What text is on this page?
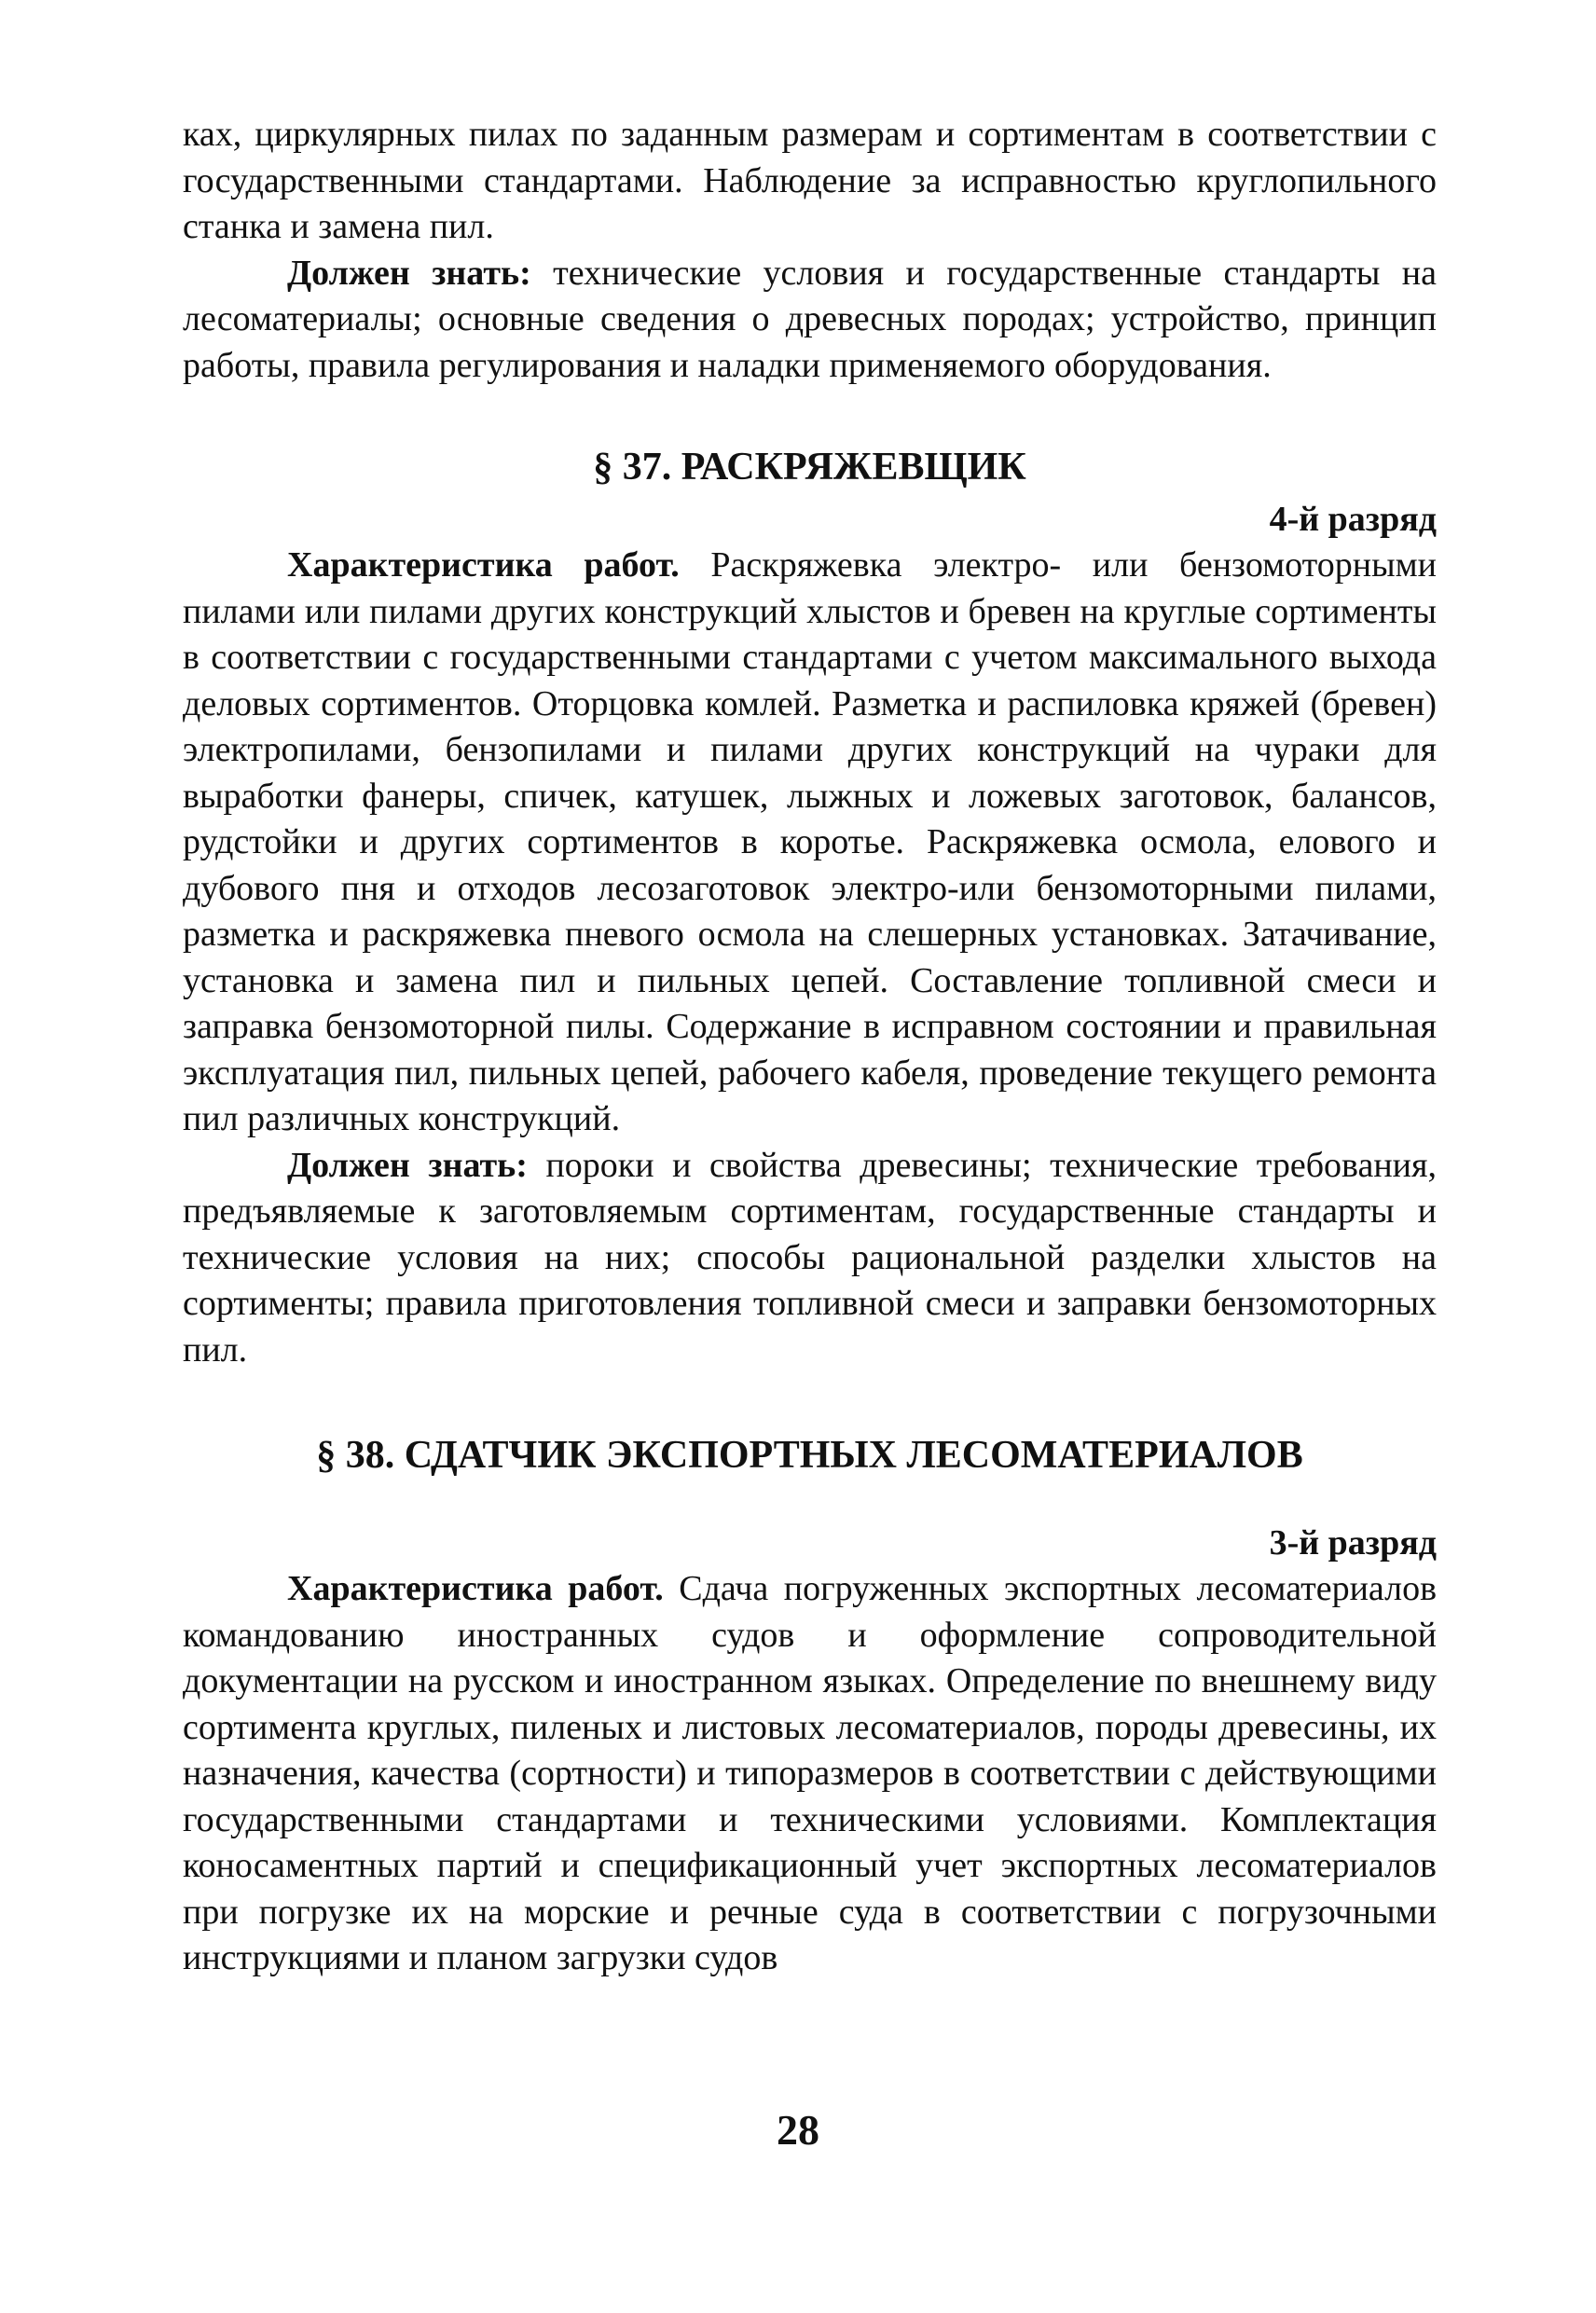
ках, циркулярных пилах по заданным размерам и сортиментам в соответствии с государственными стандартами. Наблюдение за исправностью круглопильного станка и замена пил.

Должен знать: технические условия и государственные стандарты на лесоматериалы; основные сведения о древесных породах; устройство, принцип работы, правила регулирования и наладки применяемого оборудования.

§ 37. РАСКРЯЖЕВЩИК

4-й разряд

Характеристика работ. Раскряжевка электро- или бензомоторными пилами или пилами других конструкций хлыстов и бревен на круглые сортименты в соответствии с государственными стандартами с учетом максимального выхода деловых сортиментов. Оторцовка комлей. Разметка и распиловка кряжей (бревен) электропилами, бензопилами и пилами других конструкций на чураки для выработки фанеры, спичек, катушек, лыжных и ложевых заготовок, балансов, рудстойки и других сортиментов в коротье. Раскряжевка осмола, елового и дубового пня и отходов лесозаготовок электро-или бензомоторными пилами, разметка и раскряжевка пневого осмола на слешерных установках. Затачивание, установка и замена пил и пильных цепей. Составление топливной смеси и заправка бензомоторной пилы. Содержание в исправном состоянии и правильная эксплуатация пил, пильных цепей, рабочего кабеля, проведение текущего ремонта пил различных конструкций.

Должен знать: пороки и свойства древесины; технические требования, предъявляемые к заготовляемым сортиментам, государственные стандарты и технические условия на них; способы рациональной разделки хлыстов на сортименты; правила приготовления топливной смеси и заправки бензомоторных пил.

§ 38. СДАТЧИК ЭКСПОРТНЫХ ЛЕСОМАТЕРИАЛОВ

3-й разряд

Характеристика работ. Сдача погруженных экспортных лесоматериалов командованию иностранных судов и оформление сопроводительной документации на русском и иностранном языках. Определение по внешнему виду сортимента круглых, пиленых и листовых лесоматериалов, породы древесины, их назначения, качества (сортности) и типоразмеров в соответствии с действующими государственными стандартами и техническими условиями. Комплектация коносаментных партий и спецификационный учет экспортных лесоматериалов при погрузке их на морские и речные суда в соответствии с погрузочными инструкциями и планом загрузки судов

28
